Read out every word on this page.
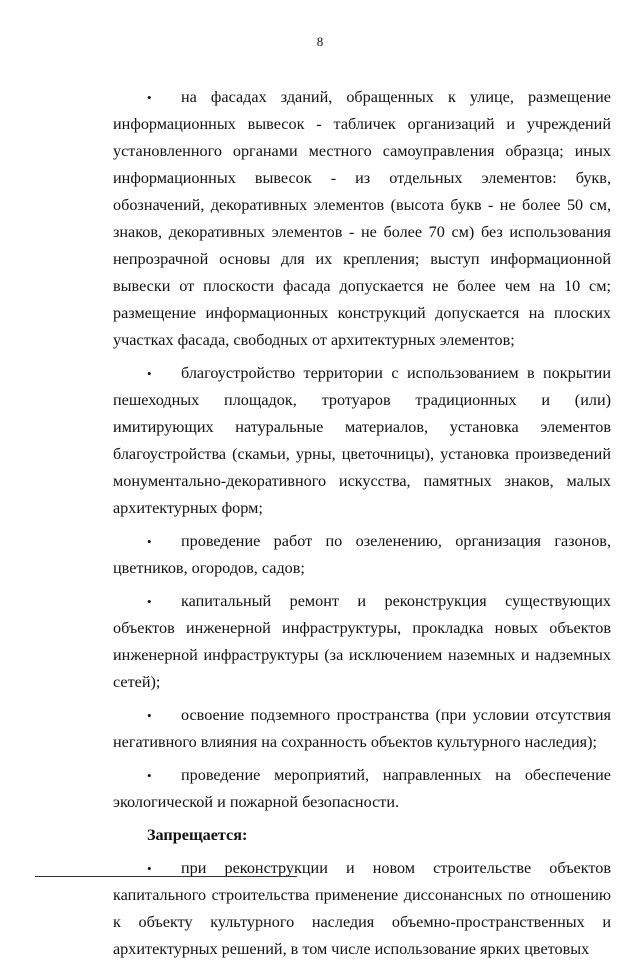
8

• на фасадах зданий, обращенных к улице, размещение информационных вывесок - табличек организаций и учреждений установленного органами местного самоуправления образца; иных информационных вывесок - из отдельных элементов: букв, обозначений, декоративных элементов (высота букв - не более 50 см, знаков, декоративных элементов - не более 70 см) без использования непрозрачной основы для их крепления; выступ информационной вывески от плоскости фасада допускается не более чем на 10 см; размещение информационных конструкций допускается на плоских участках фасада, свободных от архитектурных элементов;

• благоустройство территории с использованием в покрытии пешеходных площадок, тротуаров традиционных и (или) имитирующих натуральные материалов, установка элементов благоустройства (скамьи, урны, цветочницы), установка произведений монументально-декоративного искусства, памятных знаков, малых архитектурных форм;

• проведение работ по озеленению, организация газонов, цветников, огородов, садов;

• капитальный ремонт и реконструкция существующих объектов инженерной инфраструктуры, прокладка новых объектов инженерной инфраструктуры (за исключением наземных и надземных сетей);

• освоение подземного пространства (при условии отсутствия негативного влияния на сохранность объектов культурного наследия);

• проведение мероприятий, направленных на обеспечение экологической и пожарной безопасности.

Запрещается:

• при реконструкции и новом строительстве объектов капитального строительства применение диссонансных по отношению к объекту культурного наследия объемно-пространственных и архитектурных решений, в том числе использование ярких цветовых
